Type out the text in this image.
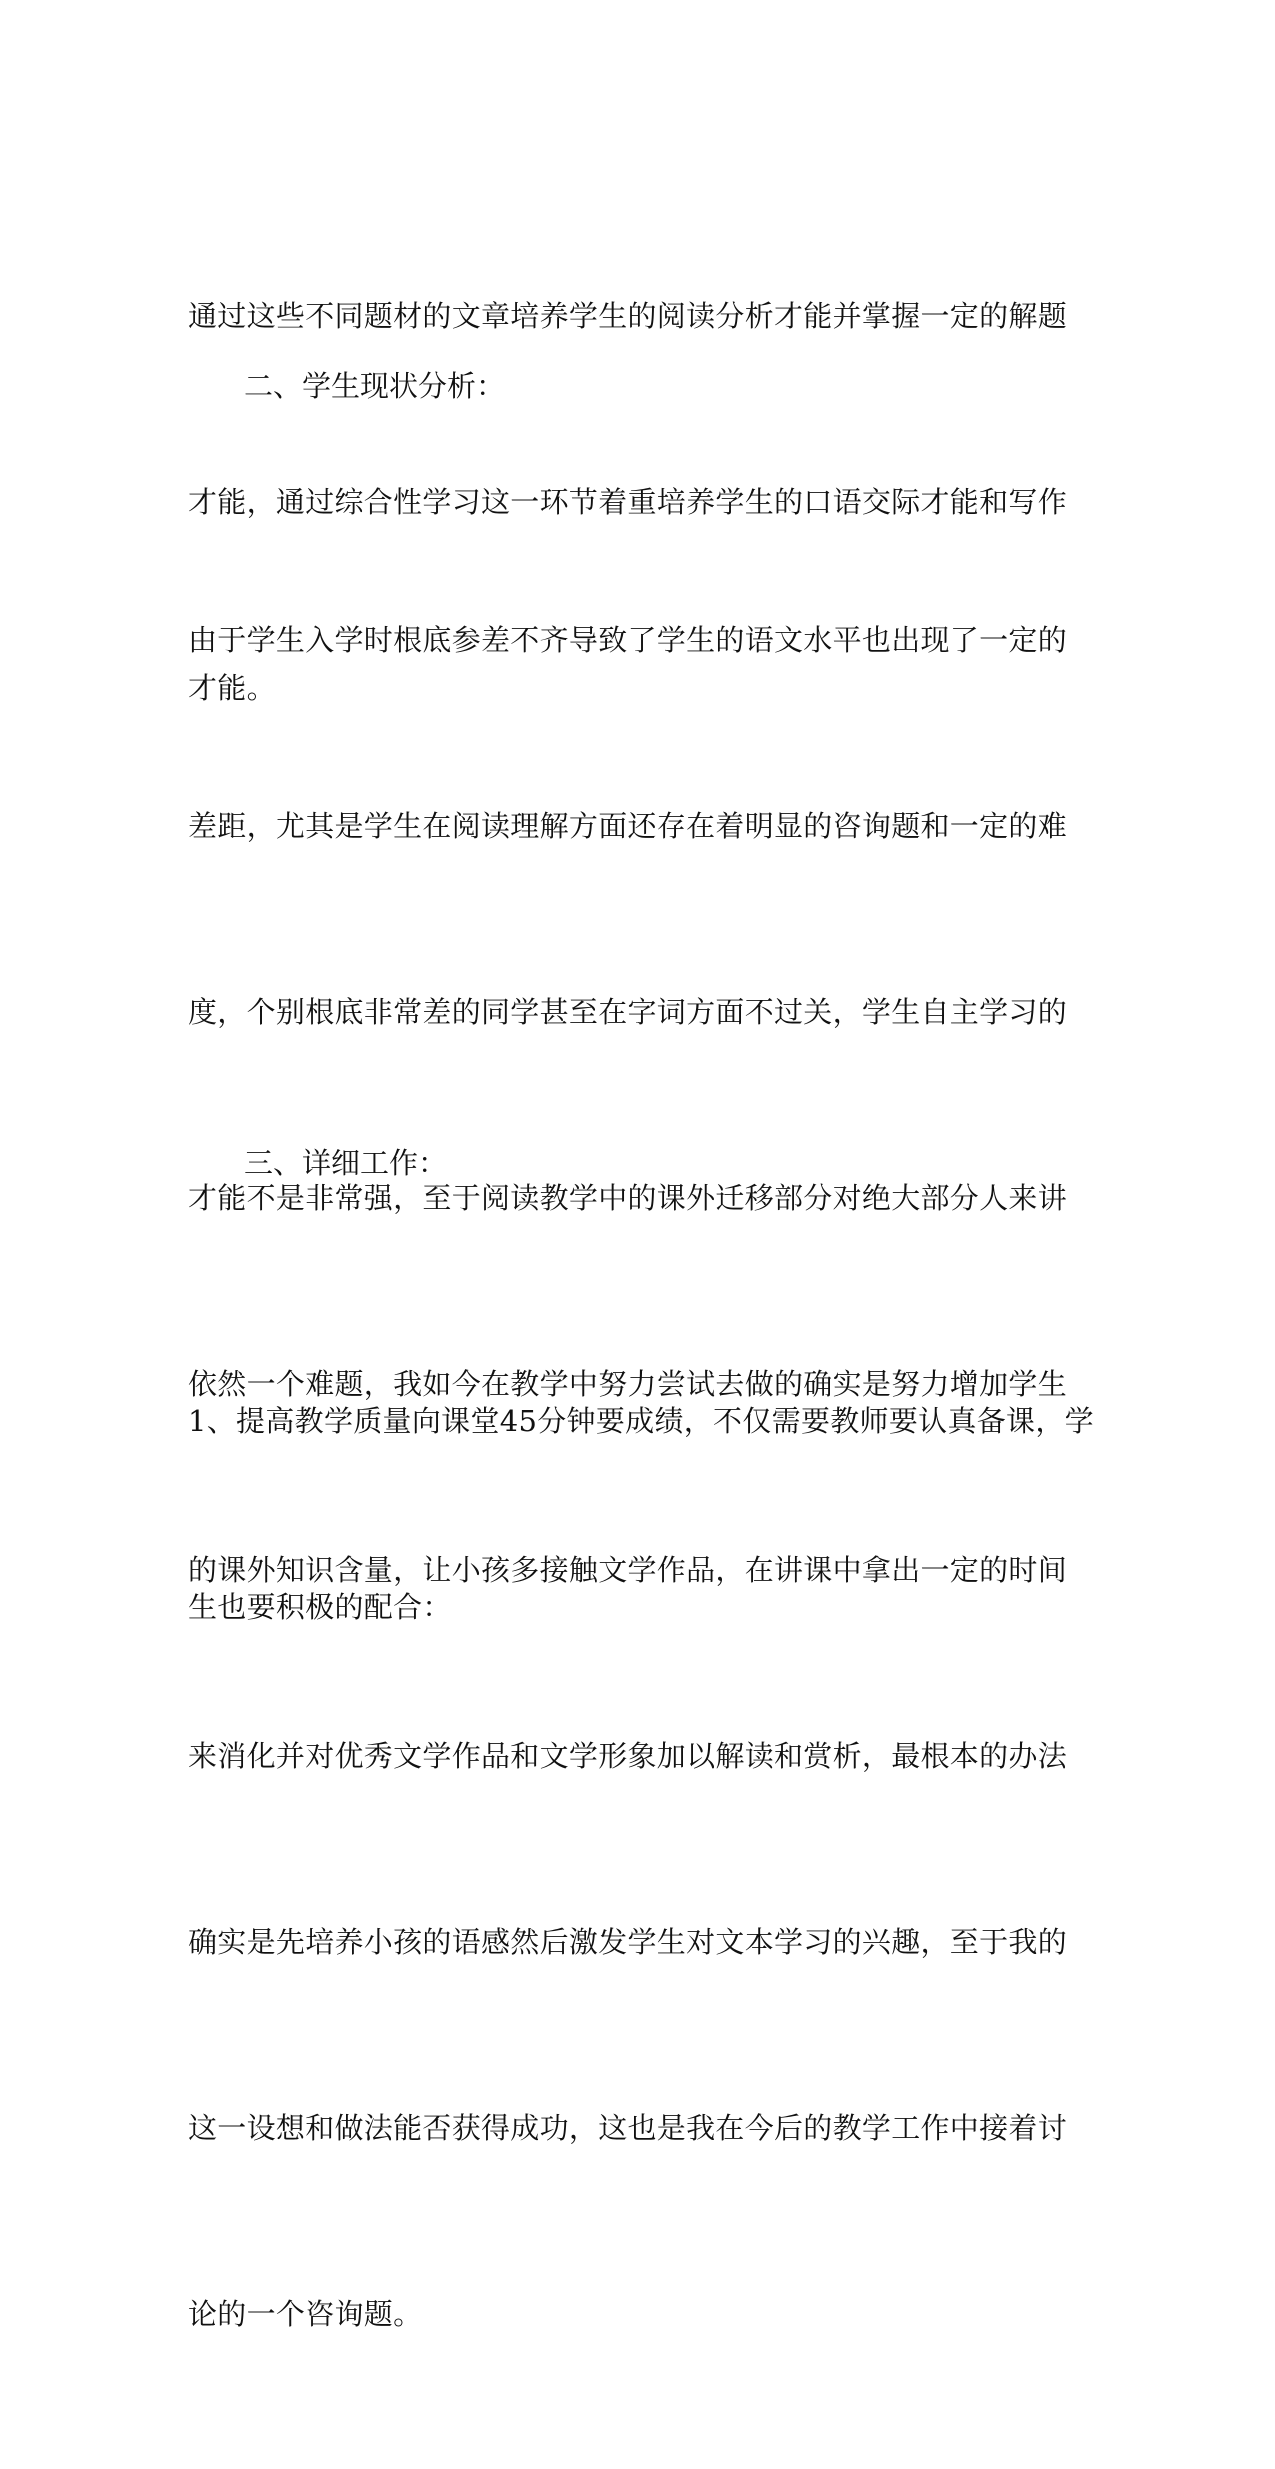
通过这些不同题材的文章培养学生的阅读分析才能并掌握一定的解题

才能，通过综合性学习这一环节着重培养学生的口语交际才能和写作

才能。

二、学生现状分析：

由于学生入学时根底参差不齐导致了学生的语文水平也出现了一定的

差距，尤其是学生在阅读理解方面还存在着明显的咨询题和一定的难

度，个别根底非常差的同学甚至在字词方面不过关，学生自主学习的

才能不是非常强，至于阅读教学中的课外迁移部分对绝大部分人来讲

依然一个难题，我如今在教学中努力尝试去做的确实是努力增加学生

的课外知识含量，让小孩多接触文学作品，在讲课中拿出一定的时间

来消化并对优秀文学作品和文学形象加以解读和赏析，最根本的办法

确实是先培养小孩的语感然后激发学生对文本学习的兴趣，至于我的

这一设想和做法能否获得成功，这也是我在今后的教学工作中接着讨

论的一个咨询题。

三、详细工作：

1、提高教学质量向课堂45分钟要成绩，不仅需要教师要认真备课，学

生也要积极的配合：
